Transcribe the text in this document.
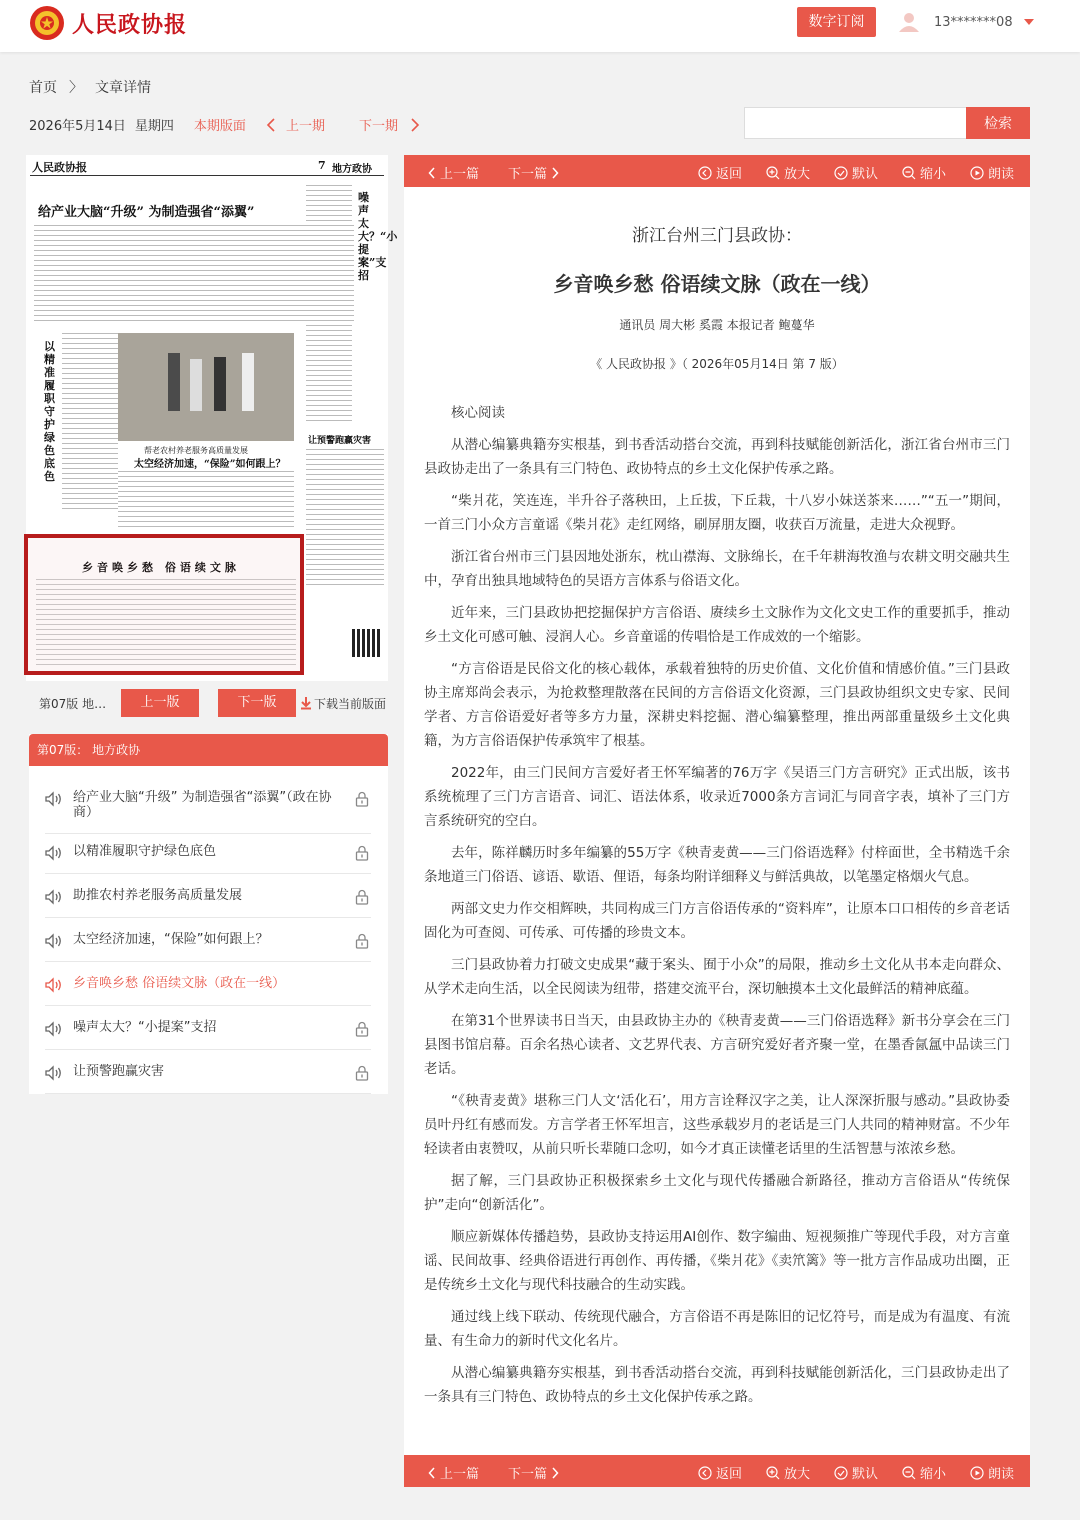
人民政协报	数字订阅	13*******08
首页 〉 文章详情
2026年5月14日 星期四 本期版面	上一期	下一期	检索
人民政协报	7 地方政协
给产业大脑“升级” 为制造强省“添翼”
以精准履职守护绿色底色
帮老农村养老服务高质量发展
太空经济加速，“保险”如何跟上？
噪声太大？“小提案”支招
让预警跑赢灾害
乡音唤乡愁 俗语续文脉
第07版 地…	上一版	下一版	下载当前版面
第07版： 地方政协
给产业大脑“升级” 为制造强省“添翼”（政在协商）
以精准履职守护绿色底色
助推农村养老服务高质量发展
太空经济加速，“保险”如何跟上？
乡音唤乡愁 俗语续文脉（政在一线）
噪声太大？“小提案”支招
让预警跑赢灾害
上一篇 下一篇	返回	放大	默认	缩小	朗读
浙江台州三门县政协：
乡音唤乡愁 俗语续文脉（政在一线）
通讯员 周大彬 奚霞 本报记者 鲍蔓华
《 人民政协报 》（ 2026年05月14日 第 7 版）

核心阅读

从潜心编纂典籍夯实根基，到书香活动搭台交流，再到科技赋能创新活化，浙江省台州市三门县政协走出了一条具有三门特色、政协特点的乡土文化保护传承之路。

“柴爿花，笑连连，半升谷子落秧田，上丘拔，下丘栽，十八岁小妹送茶来……”“五一”期间，一首三门小众方言童谣《柴爿花》走红网络，刷屏朋友圈，收获百万流量，走进大众视野。

浙江省台州市三门县因地处浙东，枕山襟海、文脉绵长，在千年耕海牧渔与农耕文明交融共生中，孕育出独具地域特色的吴语方言体系与俗语文化。

近年来，三门县政协把挖掘保护方言俗语、赓续乡土文脉作为文化文史工作的重要抓手，推动乡土文化可感可触、浸润人心。乡音童谣的传唱恰是工作成效的一个缩影。

“方言俗语是民俗文化的核心载体，承载着独特的历史价值、文化价值和情感价值。”三门县政协主席郑尚会表示，为抢救整理散落在民间的方言俗语文化资源，三门县政协组织文史专家、民间学者、方言俗语爱好者等多方力量，深耕史料挖掘、潜心编纂整理，推出两部重量级乡土文化典籍，为方言俗语保护传承筑牢了根基。

2022年，由三门民间方言爱好者王怀军编著的76万字《吴语三门方言研究》正式出版，该书系统梳理了三门方言语音、词汇、语法体系，收录近7000条方言词汇与同音字表，填补了三门方言系统研究的空白。

去年，陈祥麟历时多年编纂的55万字《秧青麦黄——三门俗语选释》付梓面世，全书精选千余条地道三门俗语、谚语、歇语、俚语，每条均附详细释义与鲜活典故，以笔墨定格烟火气息。

两部文史力作交相辉映，共同构成三门方言俗语传承的“资料库”，让原本口口相传的乡音老话固化为可查阅、可传承、可传播的珍贵文本。

三门县政协着力打破文史成果“藏于案头、囿于小众”的局限，推动乡土文化从书本走向群众、从学术走向生活，以全民阅读为纽带，搭建交流平台，深切触摸本土文化最鲜活的精神底蕴。

在第31个世界读书日当天，由县政协主办的《秧青麦黄——三门俗语选释》新书分享会在三门县图书馆启幕。百余名热心读者、文艺界代表、方言研究爱好者齐聚一堂，在墨香氤氲中品读三门老话。

“《秧青麦黄》堪称三门人文‘活化石’，用方言诠释汉字之美，让人深深折服与感动。”县政协委员叶丹红有感而发。方言学者王怀军坦言，这些承载岁月的老话是三门人共同的精神财富。不少年轻读者由衷赞叹，从前只听长辈随口念叨，如今才真正读懂老话里的生活智慧与浓浓乡愁。

据了解，三门县政协正积极探索乡土文化与现代传播融合新路径，推动方言俗语从“传统保护”走向“创新活化”。

顺应新媒体传播趋势，县政协支持运用AI创作、数字编曲、短视频推广等现代手段，对方言童谣、民间故事、经典俗语进行再创作、再传播，《柴爿花》《卖笊篱》等一批方言作品成功出圈，正是传统乡土文化与现代科技融合的生动实践。

通过线上线下联动、传统现代融合，方言俗语不再是陈旧的记忆符号，而是成为有温度、有流量、有生命力的新时代文化名片。

从潜心编纂典籍夯实根基，到书香活动搭台交流，再到科技赋能创新活化，三门县政协走出了一条具有三门特色、政协特点的乡土文化保护传承之路。

上一篇 下一篇	返回	放大	默认	缩小	朗读
